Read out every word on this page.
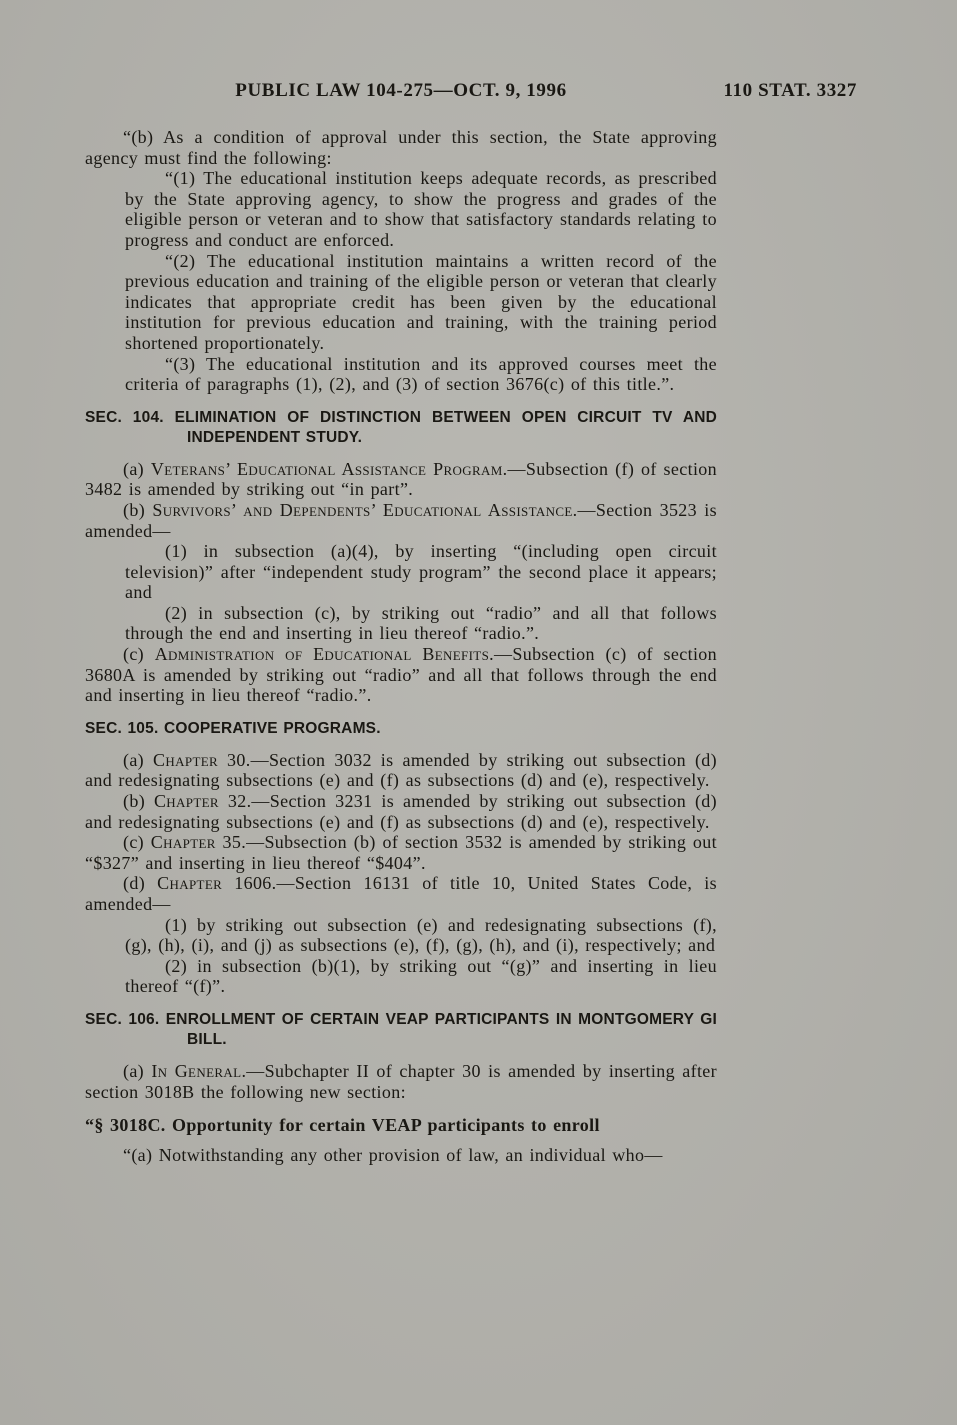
PUBLIC LAW 104-275—OCT. 9, 1996	110 STAT. 3327

“(b) As a condition of approval under this section, the State approving agency must find the following:

“(1) The educational institution keeps adequate records, as prescribed by the State approving agency, to show the progress and grades of the eligible person or veteran and to show that satisfactory standards relating to progress and conduct are enforced.

“(2) The educational institution maintains a written record of the previous education and training of the eligible person or veteran that clearly indicates that appropriate credit has been given by the educational institution for previous education and training, with the training period shortened proportionately.

“(3) The educational institution and its approved courses meet the criteria of paragraphs (1), (2), and (3) of section 3676(c) of this title.”.

SEC. 104. ELIMINATION OF DISTINCTION BETWEEN OPEN CIRCUIT TV AND INDEPENDENT STUDY.

(a) Veterans’ Educational Assistance Program.—Subsection (f) of section 3482 is amended by striking out “in part”.

(b) Survivors’ and Dependents’ Educational Assistance.—Section 3523 is amended—

(1) in subsection (a)(4), by inserting “(including open circuit television)” after “independent study program” the second place it appears; and

(2) in subsection (c), by striking out “radio” and all that follows through the end and inserting in lieu thereof “radio.”.

(c) Administration of Educational Benefits.—Subsection (c) of section 3680A is amended by striking out “radio” and all that follows through the end and inserting in lieu thereof “radio.”.

SEC. 105. COOPERATIVE PROGRAMS.

(a) Chapter 30.—Section 3032 is amended by striking out subsection (d) and redesignating subsections (e) and (f) as subsections (d) and (e), respectively.

(b) Chapter 32.—Section 3231 is amended by striking out subsection (d) and redesignating subsections (e) and (f) as subsections (d) and (e), respectively.

(c) Chapter 35.—Subsection (b) of section 3532 is amended by striking out “$327” and inserting in lieu thereof “$404”.

(d) Chapter 1606.—Section 16131 of title 10, United States Code, is amended—

(1) by striking out subsection (e) and redesignating subsections (f), (g), (h), (i), and (j) as subsections (e), (f), (g), (h), and (i), respectively; and

(2) in subsection (b)(1), by striking out “(g)” and inserting in lieu thereof “(f)”.

SEC. 106. ENROLLMENT OF CERTAIN VEAP PARTICIPANTS IN MONTGOMERY GI BILL.

(a) In General.—Subchapter II of chapter 30 is amended by inserting after section 3018B the following new section:

“§ 3018C. Opportunity for certain VEAP participants to enroll

“(a) Notwithstanding any other provision of law, an individual who—
